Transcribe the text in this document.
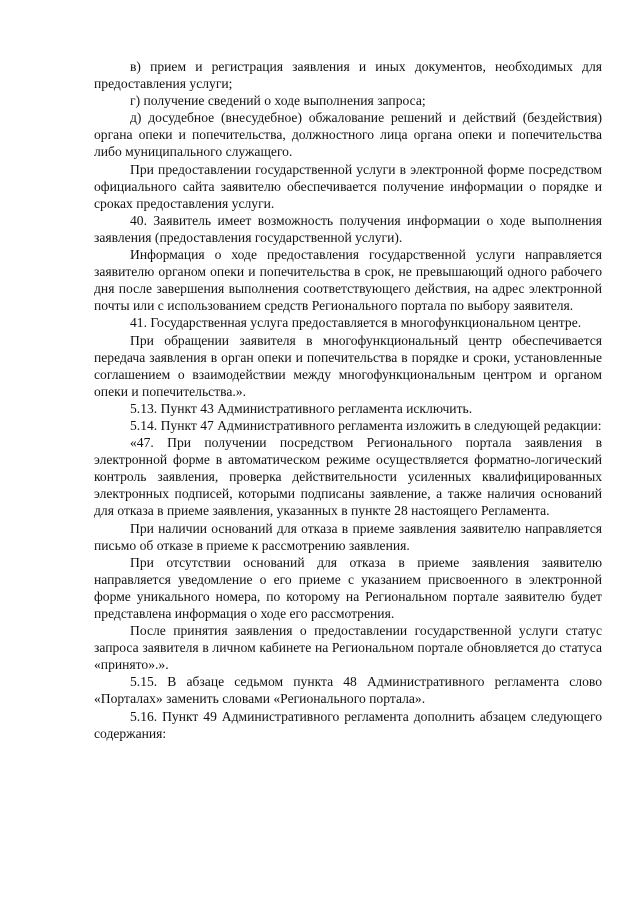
в) прием и регистрация заявления и иных документов, необходимых для предоставления услуги;

г) получение сведений о ходе выполнения запроса;

д) досудебное (внесудебное) обжалование решений и действий (бездействия) органа опеки и попечительства, должностного лица органа опеки и попечительства либо муниципального служащего.

При предоставлении государственной услуги в электронной форме посредством официального сайта заявителю обеспечивается получение информации о порядке и сроках предоставления услуги.

40. Заявитель имеет возможность получения информации о ходе выполнения заявления (предоставления государственной услуги).

Информация о ходе предоставления государственной услуги направляется заявителю органом опеки и попечительства в срок, не превышающий одного рабочего дня после завершения выполнения соответствующего действия, на адрес электронной почты или с использованием средств Регионального портала по выбору заявителя.

41. Государственная услуга предоставляется в многофункциональном центре.

При обращении заявителя в многофункциональный центр обеспечивается передача заявления в орган опеки и попечительства в порядке и сроки, установленные соглашением о взаимодействии между многофункциональным центром и органом опеки и попечительства.».

5.13. Пункт 43 Административного регламента исключить.

5.14. Пункт 47 Административного регламента изложить в следующей редакции:

«47. При получении посредством Регионального портала заявления в электронной форме в автоматическом режиме осуществляется форматно-логический контроль заявления, проверка действительности усиленных квалифицированных электронных подписей, которыми подписаны заявление, а также наличия оснований для отказа в приеме заявления, указанных в пункте 28 настоящего Регламента.

При наличии оснований для отказа в приеме заявления заявителю направляется письмо об отказе в приеме к рассмотрению заявления.

При отсутствии оснований для отказа в приеме заявления заявителю направляется уведомление о его приеме с указанием присвоенного в электронной форме уникального номера, по которому на Региональном портале заявителю будет представлена информация о ходе его рассмотрения.

После принятия заявления о предоставлении государственной услуги статус запроса заявителя в личном кабинете на Региональном портале обновляется до статуса «принято».».

5.15. В абзаце седьмом пункта 48 Административного регламента слово «Порталах» заменить словами «Регионального портала».

5.16. Пункт 49 Административного регламента дополнить абзацем следующего содержания:
